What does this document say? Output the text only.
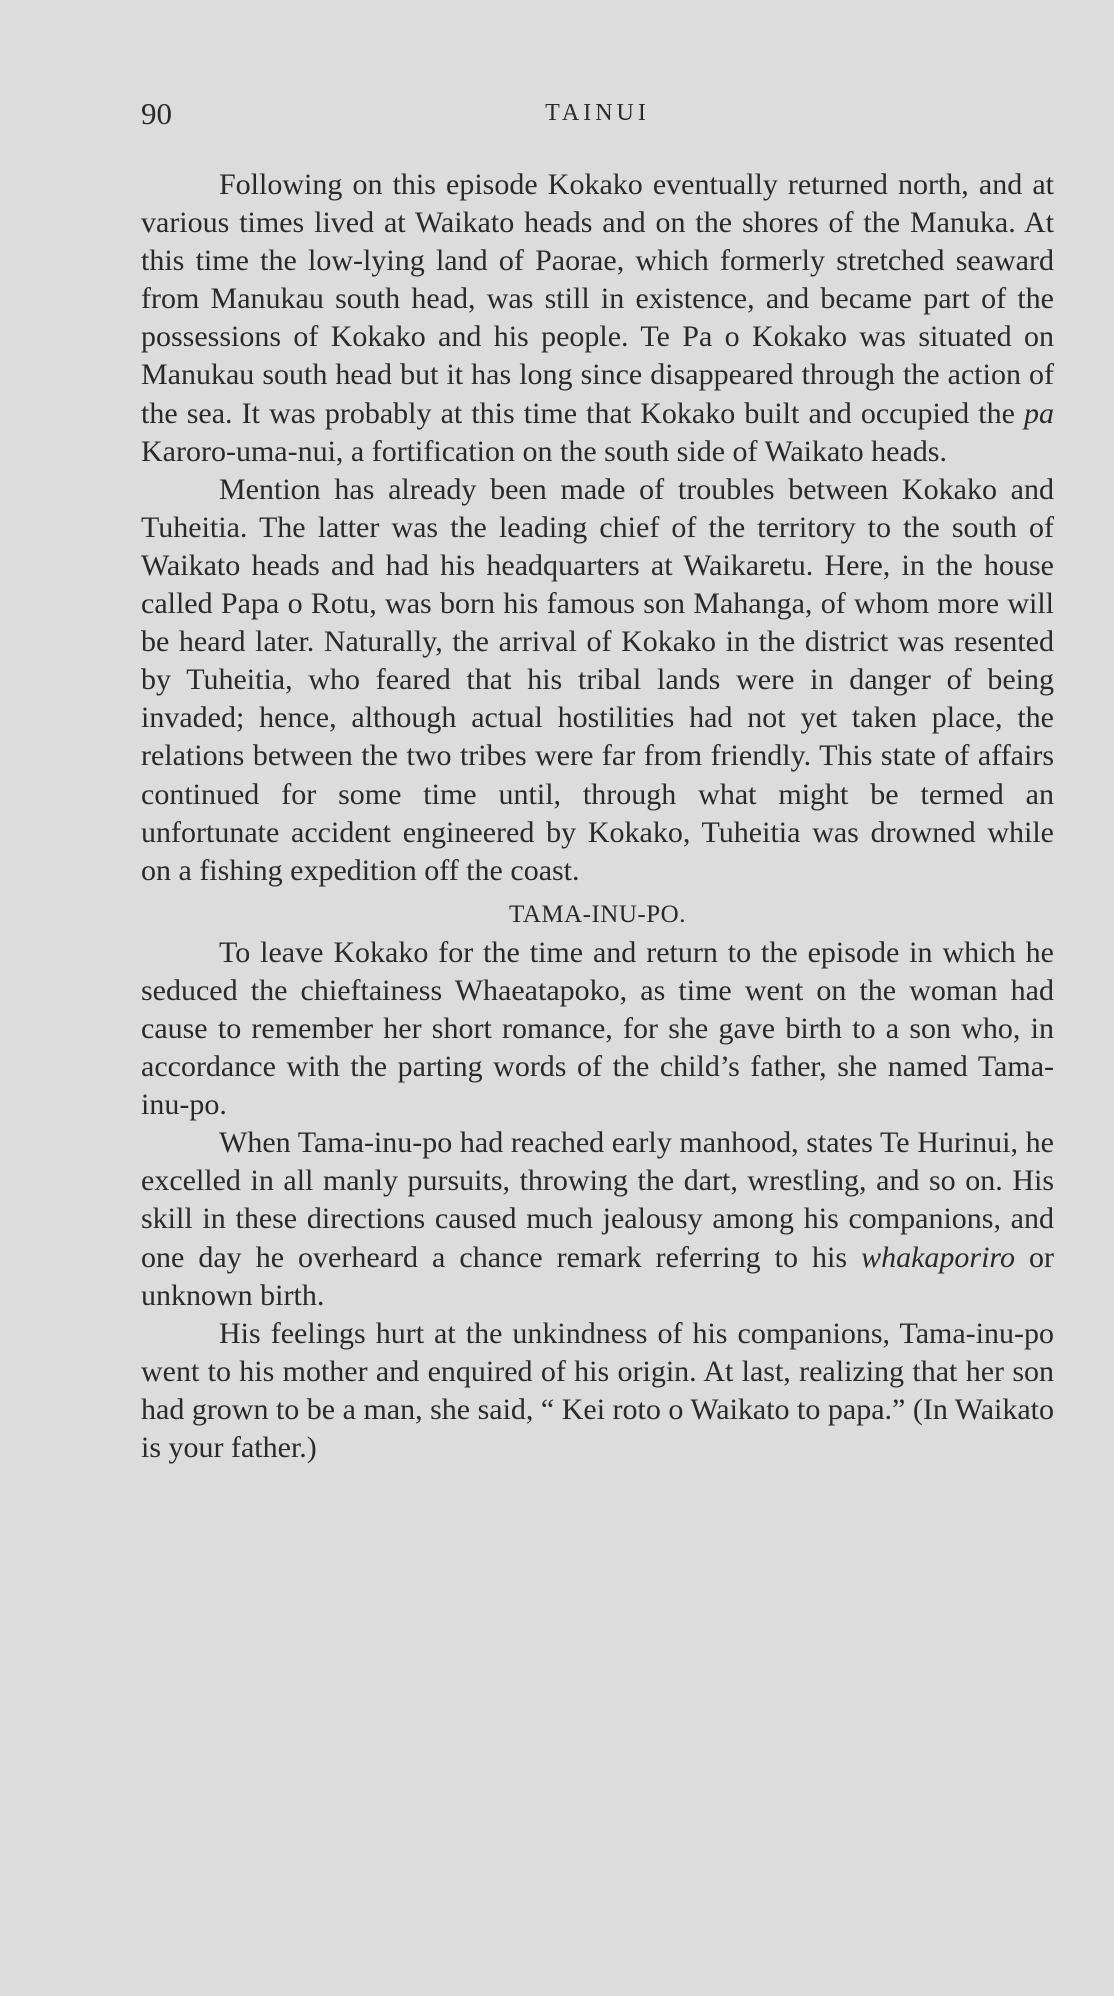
90	TAINUI

Following on this episode Kokako eventually returned north, and at various times lived at Waikato heads and on the shores of the Manuka. At this time the low-lying land of Paorae, which formerly stretched seaward from Manukau south head, was still in existence, and became part of the possessions of Kokako and his people. Te Pa o Kokako was situated on Manukau south head but it has long since disappeared through the action of the sea. It was probably at this time that Kokako built and occupied the pa Karoro-uma-nui, a fortification on the south side of Waikato heads.

Mention has already been made of troubles between Kokako and Tuheitia. The latter was the leading chief of the territory to the south of Waikato heads and had his headquarters at Waikaretu. Here, in the house called Papa o Rotu, was born his famous son Mahanga, of whom more will be heard later. Naturally, the arrival of Kokako in the district was resented by Tuheitia, who feared that his tribal lands were in danger of being invaded; hence, although actual hostilities had not yet taken place, the relations between the two tribes were far from friendly. This state of affairs continued for some time until, through what might be termed an unfortunate accident engineered by Kokako, Tuheitia was drowned while on a fishing expedition off the coast.

TAMA-INU-PO.

To leave Kokako for the time and return to the episode in which he seduced the chieftainess Whaeatapoko, as time went on the woman had cause to remember her short romance, for she gave birth to a son who, in accordance with the parting words of the child’s father, she named Tama-inu-po.

When Tama-inu-po had reached early manhood, states Te Hurinui, he excelled in all manly pursuits, throwing the dart, wrestling, and so on. His skill in these directions caused much jealousy among his companions, and one day he overheard a chance remark referring to his whakaporiro or unknown birth.

His feelings hurt at the unkindness of his companions, Tama-inu-po went to his mother and enquired of his origin. At last, realizing that her son had grown to be a man, she said, “ Kei roto o Waikato to papa.” (In Waikato is your father.)
